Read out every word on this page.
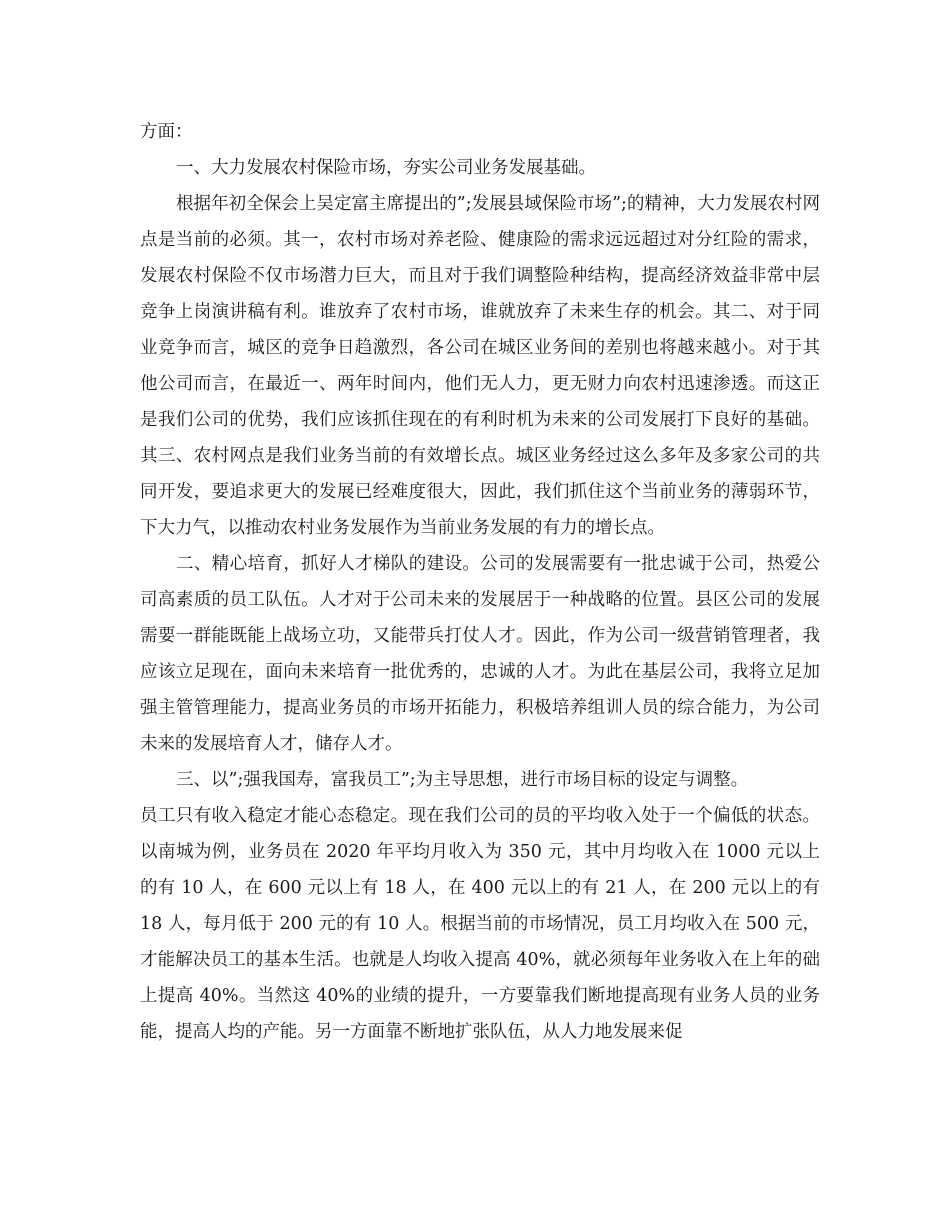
方面：

一、大力发展农村保险市场，夯实公司业务发展基础。

根据年初全保会上吴定富主席提出的”;发展县域保险市场”;的精神，大力发展农村网点是当前的必须。其一，农村市场对养老险、健康险的需求远远超过对分红险的需求，发展农村保险不仅市场潜力巨大，而且对于我们调整险种结构，提高经济效益非常中层竞争上岗演讲稿有利。谁放弃了农村市场，谁就放弃了未来生存的机会。其二、对于同业竞争而言，城区的竞争日趋激烈，各公司在城区业务间的差别也将越来越小。对于其他公司而言，在最近一、两年时间内，他们无人力，更无财力向农村迅速渗透。而这正是我们公司的优势，我们应该抓住现在的有利时机为未来的公司发展打下良好的基础。其三、农村网点是我们业务当前的有效增长点。城区业务经过这么多年及多家公司的共同开发，要追求更大的发展已经难度很大，因此，我们抓住这个当前业务的薄弱环节，下大力气，以推动农村业务发展作为当前业务发展的有力的增长点。

二、精心培育，抓好人才梯队的建设。公司的发展需要有一批忠诚于公司，热爱公司高素质的员工队伍。人才对于公司未来的发展居于一种战略的位置。县区公司的发展需要一群能既能上战场立功，又能带兵打仗人才。因此，作为公司一级营销管理者，我应该立足现在，面向未来培育一批优秀的，忠诚的人才。为此在基层公司，我将立足加强主管管理能力，提高业务员的市场开拓能力，积极培养组训人员的综合能力，为公司未来的发展培育人才，储存人才。

三、以”;强我国寿，富我员工”;为主导思想，进行市场目标的设定与调整。

员工只有收入稳定才能心态稳定。现在我们公司的员的平均收入处于一个偏低的状态。以南城为例，业务员在 2020 年平均月收入为 350 元，其中月均收入在 1000 元以上的有 10 人，在 600 元以上有 18 人，在 400 元以上的有 21 人，在 200 元以上的有 18 人，每月低于 200 元的有 10 人。根据当前的市场情况，员工月均收入在 500 元，才能解决员工的基本生活。也就是人均收入提高 40%，就必须每年业务收入在上年的础上提高 40%。当然这 40%的业绩的提升，一方要靠我们断地提高现有业务人员的业务能，提高人均的产能。另一方面靠不断地扩张队伍，从人力地发展来促
